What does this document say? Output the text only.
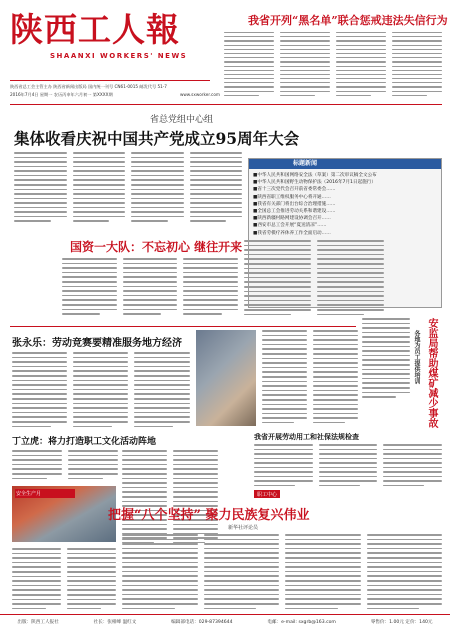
陕西工人報
SHAANXI WORKERS' NEWS
陕西省总工会主管主办 陕西省新闻出版局 国内统一刊号 CN61-0015 邮发代号 51-7
2016年7月4日 星期一 农历丙申年六月初一 第XXXX期	www.sxworker.com
我省开列“黑名单”联合惩戒违法失信行为
省总党组中心组
集体收看庆祝中国共产党成立95周年大会
标题新闻
■中华人民共和国网络安全法（草案）第二次审议稿全文公布
■中华人民共和国野生动物保护法（2016年7月1日起施行）
■省十三次党代会召开前省委常委会……
■陕西省职工维权服务中心将开通……
■我省有关部门将出台综合治理措施……
■全国总工会推进劳动关系和谐建设……
■陕西新疆村路网建设协调会召开……
■西安市总工会开展“夏送清凉”……
■我省劳模疗养休养工作全面启动……
国资一大队：不忘初心 继往开来
安监局帮助煤矿减少事故
各地为员工提供培训
张永乐：劳动竞赛要精准服务地方经济
我省开展劳动用工和社保法规检查
职工中心
丁立虎：将力打造职工文化活动阵地
安全生产月
把握“八个坚持” 聚力民族复兴伟业
新华社评论员
出版：陕西工人报社	社长：张相峰 温红文	编辑部电话：029-87394644	电邮：e-mail: sxgrb@163.com	零售价：1.00元 定价：140元
